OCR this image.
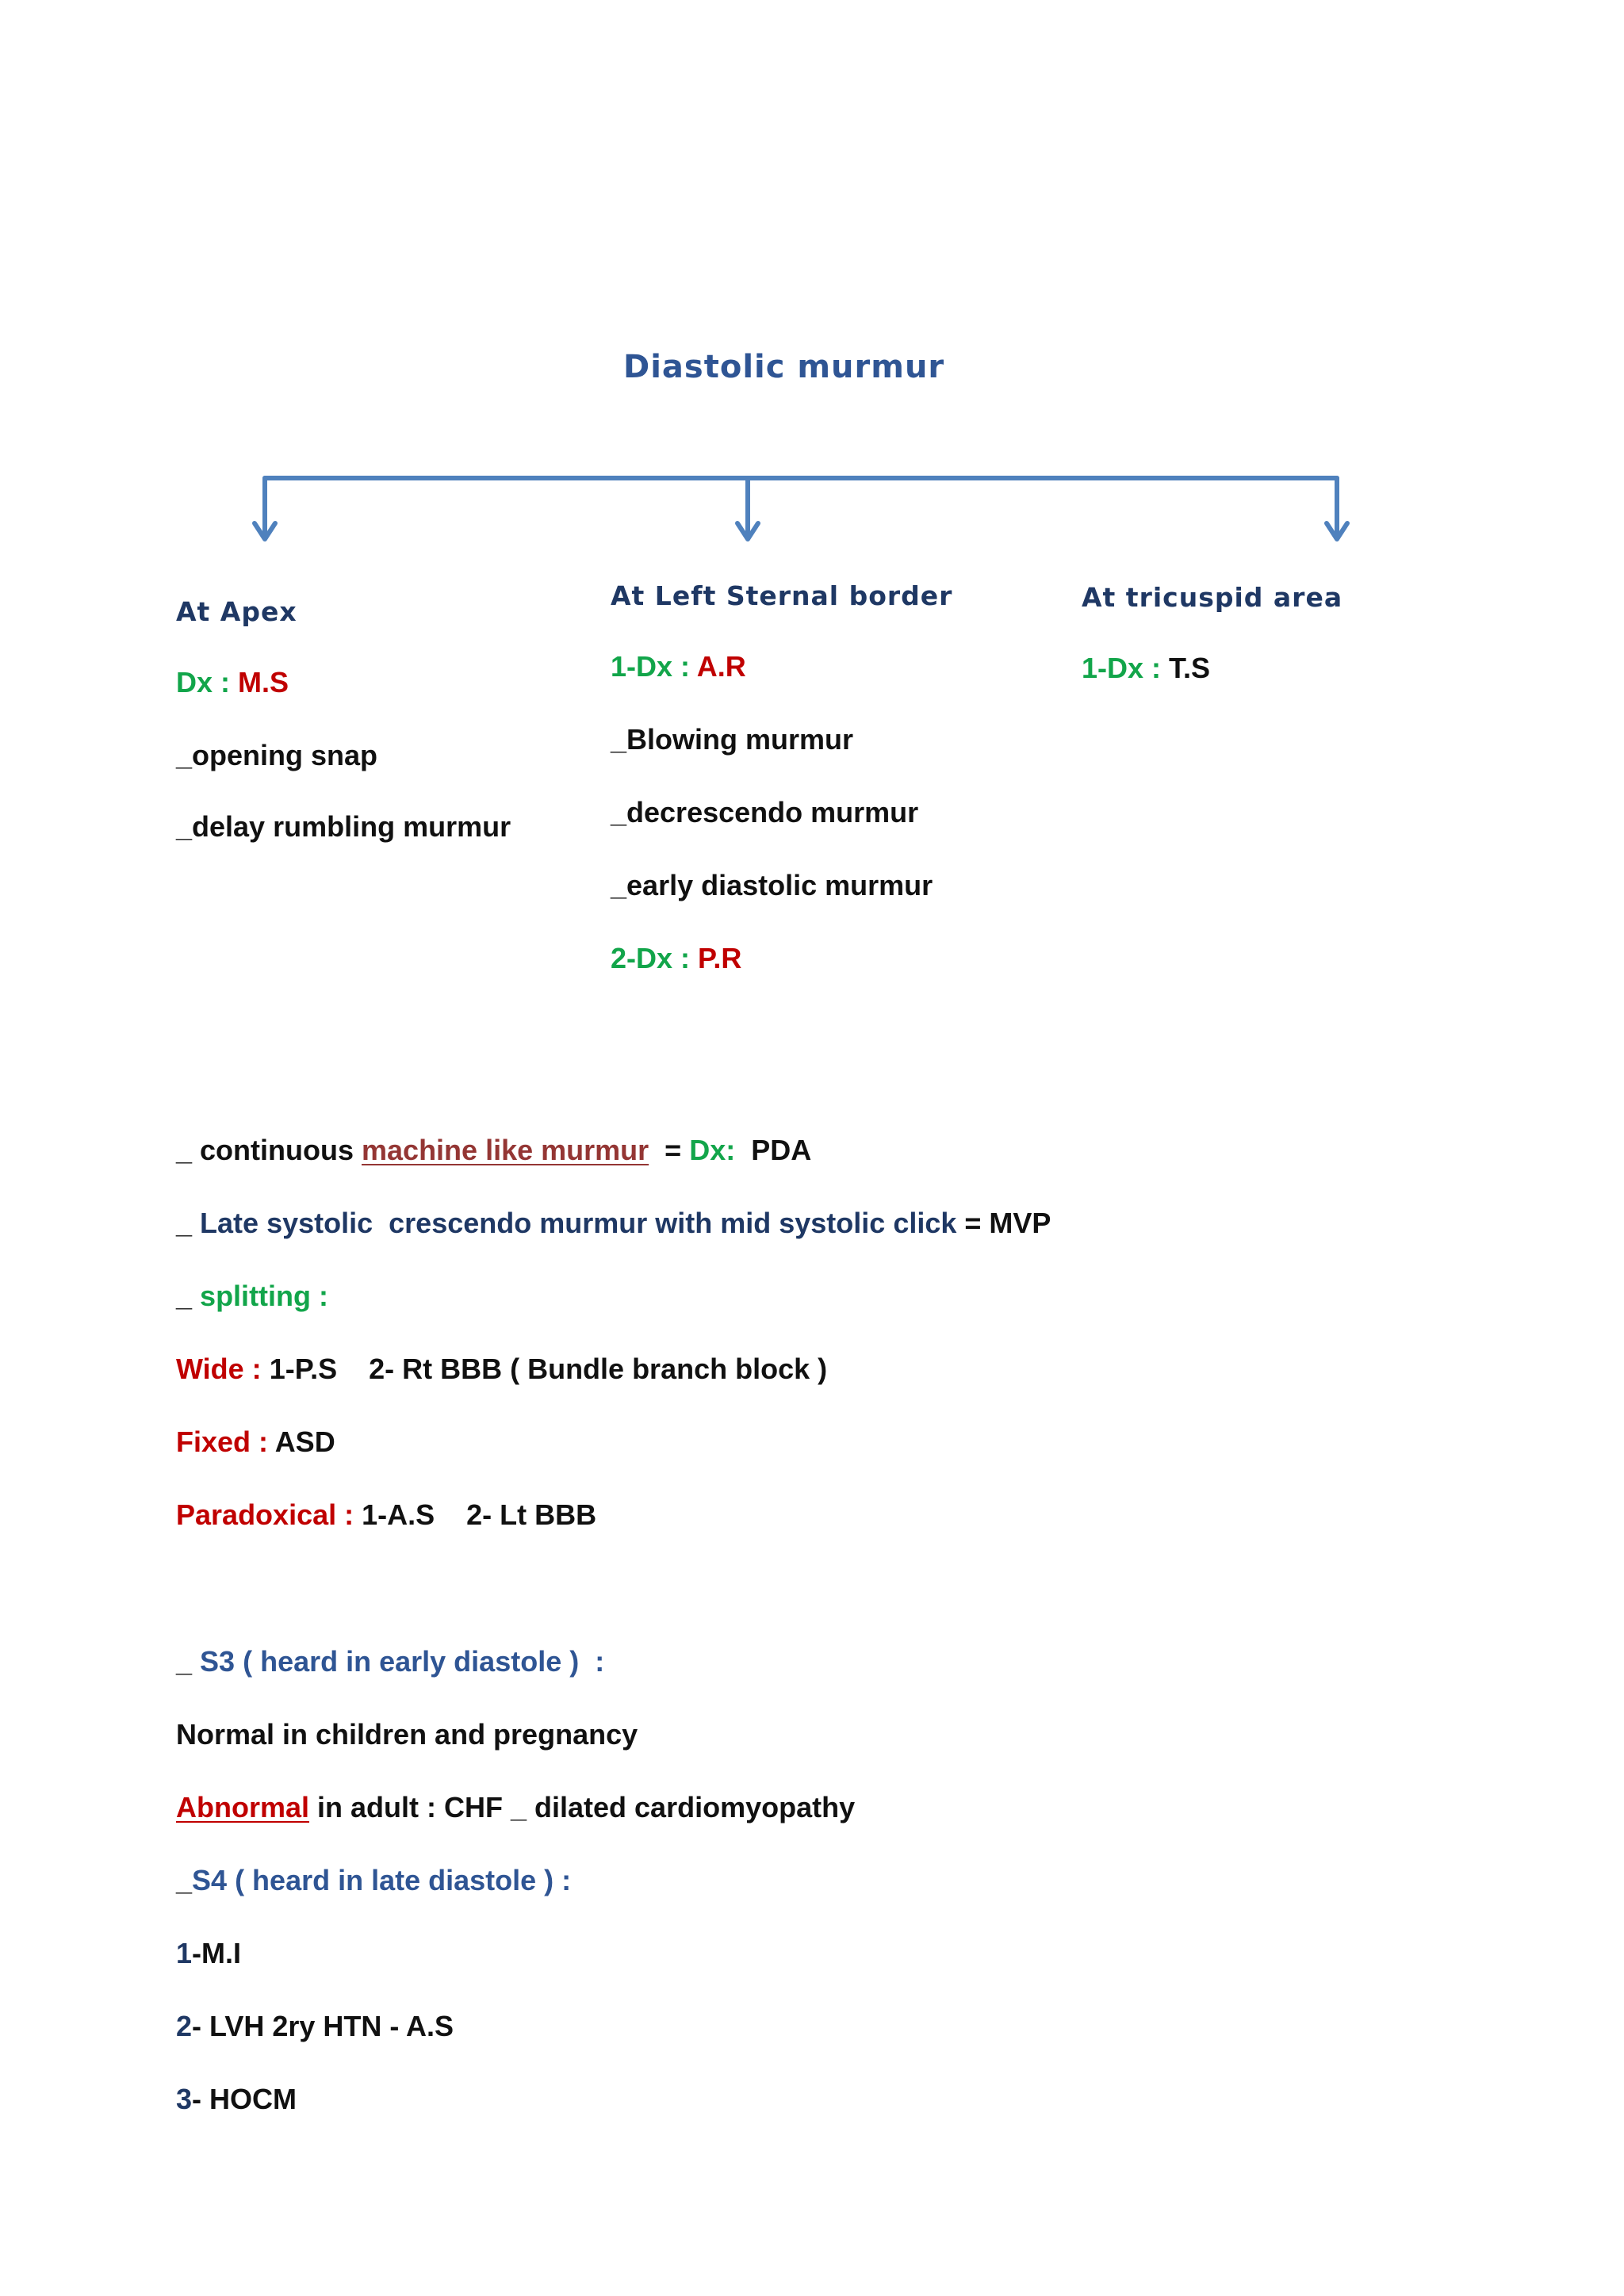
Diastolic murmur
At Apex
Dx : M.S
_opening snap
_delay rumbling murmur
At Left Sternal border
1-Dx : A.R
_Blowing murmur
_decrescendo murmur
_early diastolic murmur
2-Dx : P.R
At tricuspid area
1-Dx : T.S
_ continuous machine like murmur = Dx: PDA
_ Late systolic  crescendo murmur with mid systolic click = MVP
_ splitting :
Wide : 1-P.S    2- Rt BBB ( Bundle branch block )
Fixed : ASD
Paradoxical : 1-A.S    2- Lt BBB
_ S3 ( heard in early diastole )  :
Normal in children and pregnancy
Abnormal in adult : CHF _ dilated cardiomyopathy
_S4 ( heard in late diastole ) :
1-M.I
2- LVH 2ry HTN - A.S
3- HOCM
